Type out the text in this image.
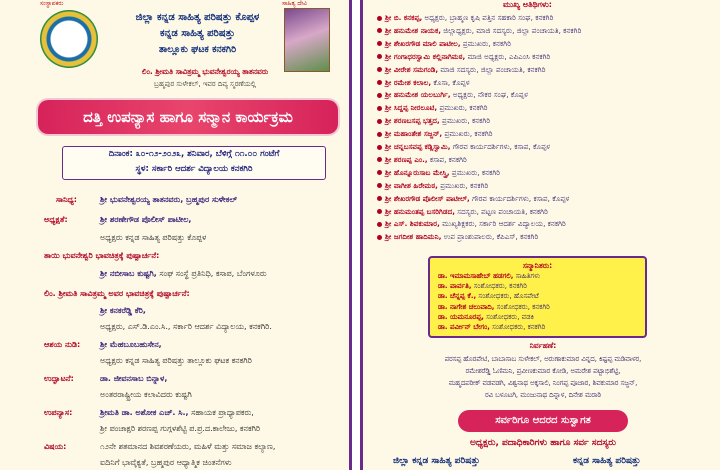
ಸಂಸ್ಥಾಪಕರು	ಸಾಹಿತ್ಯ ದೇವಿ
ಜಿಲ್ಲಾ ಕನ್ನಡ ಸಾಹಿತ್ಯ ಪರಿಷತ್ತು ಕೊಪ್ಪಳ
ಕನ್ನಡ ಸಾಹಿತ್ಯ ಪರಿಷತ್ತು
ತಾಲ್ಲೂಕು ಘಟಕ ಕನಕಗಿರಿ
ಲಿಂ. ಶ್ರೀಮತಿ ಸಾವಿತ್ರಮ್ಮ ಭುವನೇಶ್ವರಯ್ಯ ತಾತನವರು
ಬ್ರಹ್ಮಪುರ ಸುಳೇಕಲ್, ಇವರ ದಿವ್ಯ ಸ್ಮರಣೆಯಲ್ಲಿ
ದತ್ತಿ ಉಪನ್ಯಾಸ ಹಾಗೂ ಸನ್ಮಾನ ಕಾರ್ಯಕ್ರಮ
ದಿನಾಂಕ: ೩೦-೧೨-೨೦೨೩, ಶನಿವಾರ, ಬೆಳಿಗ್ಗೆ ೧೧.೦೦ ಗಂಟೆಗೆ
ಸ್ಥಳ: ಸರ್ಕಾರಿ ಆದರ್ಶ ವಿದ್ಯಾಲಯ ಕನಕಗಿರಿ
ಸಾನಿಧ್ಯ:	ಶ್ರೀ ಭುವನೇಶ್ವರಯ್ಯ ತಾತನವರು, ಬ್ರಹ್ಮಪುರ ಸುಳೇಕಲ್
ಅಧ್ಯಕ್ಷತೆ:	ಶ್ರೀ ಶರಣೇಗೌಡ ಪೊಲೀಸ್ ಪಾಟೀಲ,
ಅಧ್ಯಕ್ಷರು ಕನ್ನಡ ಸಾಹಿತ್ಯ ಪರಿಷತ್ತು ಕೊಪ್ಪಳ
ತಾಯಿ ಭುವನೇಶ್ವರಿ ಭಾವಚಿತ್ರಕ್ಕೆ ಪುಷ್ಪಾರ್ಚನೆ:
ಶ್ರೀ ನಬೀಸಾಬ ಕುಷ್ಟಗಿ, ಸಂಘ ಸಂಸ್ಥೆ ಪ್ರತಿನಿಧಿ, ಕಸಾಪ, ಬೆಂಗಳೂರು
ಲಿಂ. ಶ್ರೀಮತಿ ಸಾವಿತ್ರಮ್ಮ ಅವರ ಭಾವಚಿತ್ರಕ್ಕೆ ಪುಷ್ಪಾರ್ಚನೆ:
ಶ್ರೀ ಕನಕರೆಡ್ಡಿ ಕೆರಿ,
ಅಧ್ಯಕ್ಷರು, ಎಸ್.ಡಿ.ಎಂ.ಸಿ., ಸರ್ಕಾರಿ ಆದರ್ಶ ವಿದ್ಯಾಲಯ, ಕನಕಗಿರಿ.
ಆಶಯ ನುಡಿ: ಶ್ರೀ ಮೆಹಬೂಬಹುಸೇನ,
ಅಧ್ಯಕ್ಷರು ಕನ್ನಡ ಸಾಹಿತ್ಯ ಪರಿಷತ್ತು ತಾಲ್ಲೂಕು ಘಟಕ ಕನಕಗಿರಿ
ಉದ್ಘಾಟನೆ:	ಡಾ. ಜೀವನಸಾಬ ಬಿನ್ನಾಳ,
ಅಂತರರಾಷ್ಟ್ರೀಯ ಕಲಾವಿದರು ಕುಷ್ಟಗಿ
ಉಪನ್ಯಾಸ:	ಶ್ರೀಮತಿ ಡಾ. ಅಶೋಕ ಎಚ್. ಸಿ., ಸಹಾಯಕ ಪ್ರಾಧ್ಯಾಪಕರು,
ಶ್ರೀ ಪಂಚಾಕ್ಷರಿ ಶರಣಪ್ಪ ಗುಗ್ಗಳಶೆಟ್ಟಿ ಪ.ಪ್ರ.ದ.ಕಾಲೇಜು, ಕನಕಗಿರಿ
ವಿಷಯ:	೧೨ನೇ ಶತಮಾನದ ಶಿವಶರಣೆಯರು, ಮಹಿಳೆ ಮತ್ತು ಸಮಾಜ ಕಲ್ಯಾಣ,
ಐದಿನಿಗೆ ಭಾವೈಕ್ಯತೆ, ಬ್ರಹ್ಮಪುರ ಆಧ್ಯಾತ್ಮಿಕ ಚಿಂತನೆಗಳು
ಮುಖ್ಯ ಅತಿಥಿಗಳು:
ಶ್ರೀ ಬಿ. ಕನಕಪ್ಪ, ಅಧ್ಯಕ್ಷರು, ಬ್ರಾಹ್ಮಣ ಕೃಷಿ ಪತ್ತಿನ ಸಹಕಾರಿ ಸಂಘ, ಕನಕಗಿರಿ
ಶ್ರೀ ಹನುಮೇಶ ನಾಯಕ, ಜಿಲ್ಲಾಧ್ಯಕ್ಷರು, ಮಾಜಿ ಸದಸ್ಯರು, ಜಿಲ್ಲಾ ಪಂಚಾಯತಿ, ಕನಕಗಿರಿ
ಶ್ರೀ ಶೇಖರಗೌಡ ಮಾಲಿ ಪಾಟೀಲ, ಪ್ರಮುಖರು, ಕನಕಗಿರಿ
ಶ್ರೀ ಗಂಗಾಧರಸ್ವಾಮಿ ಕಲ್ಲಿನಾಗಿಮಠ, ಮಾಜಿ ಅಧ್ಯಕ್ಷರು, ಎಪಿಎಂಸಿ ಕನಕಗಿರಿ
ಶ್ರೀ ವೀರೇಶ ಸಮಗಂಡಿ, ಮಾಜಿ ಸದಸ್ಯರು, ಜಿಲ್ಲಾ ಪಂಚಾಯತಿ, ಕನಕಗಿರಿ
ಶ್ರೀ ರಮೇಶ ಕಲಾಲ, ಕೊಸಾ, ಕೊಪ್ಪಳ
ಶ್ರೀ ಹನುಮೇಶ ಯಲಬುರ್ಗಿ, ಅಧ್ಯಕ್ಷರು, ನೌಕರ ಸಂಘ, ಕೊಪ್ಪಳ
ಶ್ರೀ ಸಿದ್ದಪ್ಪ ನೀರಲೂಟಿ, ಪ್ರಮುಖರು, ಕನಕಗಿರಿ
ಶ್ರೀ ಶರಣಬಸಪ್ಪ ಭತ್ತದ, ಪ್ರಮುಖರು, ಕನಕಗಿರಿ
ಶ್ರೀ ಮಹಾಂತೇಶ ಸಜ್ಜನ್, ಪ್ರಮುಖರು, ಕನಕಗಿರಿ
ಶ್ರೀ ಚನ್ನಬಸವಪ್ಪ ಕಡ್ಲಿಸ್ವಾಮಿ, ಗೌರವ ಕಾರ್ಯದರ್ಶಿಗಳು, ಕಸಾಪ, ಕೊಪ್ಪಳ
ಶ್ರೀ ಶರಣಪ್ಪ ಎಂ., ಕಸಾಪ, ಕನಕಗಿರಿ
ಶ್ರೀ ಹೊನ್ನೂರುಸಾಬ ಮೇಸ್ತ್ರಿ, ಪ್ರಮುಖರು, ಕನಕಗಿರಿ
ಶ್ರೀ ವಾಗೀಶ ಹಿರೇಮಠ, ಪ್ರಮುಖರು, ಕನಕಗಿರಿ
ಶ್ರೀ ಶೇಖರಗೌಡ ಪೊಲೀಸ್ ಪಾಟೀಲ್, ಗೌರವ ಕಾರ್ಯದರ್ಶಿಗಳು, ಕಸಾಪ, ಕೊಪ್ಪಳ
ಶ್ರೀ ಹನುಮಂತಪ್ಪ ಬಸರಿಗಿಡದ, ಸದಸ್ಯರು, ಪಟ್ಟಣ ಪಂಚಾಯತಿ, ಕನಕಗಿರಿ
ಶ್ರೀ ಎಸ್. ಶಿವಕುಮಾರ, ಮುಖ್ಯಶಿಕ್ಷಕರು, ಸರ್ಕಾರಿ ಆದರ್ಶ ವಿದ್ಯಾಲಯ, ಕನಕಗಿರಿ
ಶ್ರೀ ಜಗದೀಶ ಹಾದಿಮನಿ, ಉಪ ಪ್ರಾಂಶುಪಾಲರು, ಕೆಪಿಎಸ್, ಕನಕಗಿರಿ
ಸನ್ಮಾನಿತರು:
ಡಾ. ಇಮಾಮಸಾಹೇಬ್ ಹಡಗಲಿ, ಸಾಹಿತಿಗಳು
ಡಾ. ಪಾರ್ವತಿ, ಸಂಶೋಧಕರು, ಕನಕಗಿರಿ
ಡಾ. ಚೆನ್ನಪ್ಪ ಕೆ., ಸಂಶೋಧಕರು, ಹೊಸಪೇಟೆ
ಡಾ. ನಾಗೇಶ ಚಲುವಾದಿ, ಸಂಶೋಧಕರು, ಕನಕಗಿರಿ
ಡಾ. ಯಮನೂರಪ್ಪ, ಸಂಶೋಧಕರು, ವಡಕಿ
ಡಾ. ಪರ್ವೀನ್ ಬೇಗಂ, ಸಂಶೋಧಕರು, ಕನಕಗಿರಿ
ನಿರ್ವಹಣೆ:
ಪರಸಪ್ಪ ಹೊರಪೇಟಿ, ಬಾಬಾಸಾಬ ಸುಳೇಕಲ್, ಅರುಣಾಕುಮಾರ ವಿನ್ನದ, ಕಿಷ್ಟಪ್ಪ ಮಡಿವಾಳರ,
ರಮೇಶರೆಡ್ಡಿ ಓಣಿಮನಿ, ಪ್ರವೀಣಕುಮಾರ ಕೋಡಿ, ಅಮರೇಶ ಪಟ್ಟಾಭಿಶೆಟ್ಟಿ,
ಮಹ್ಮದಪರೀಕ್ ವಡವಡಗಿ, ವಿಶ್ವನಾಥ ಅಕ್ಕಸಾಲಿ, ನಿಂಗಪ್ಪ ಪೂಜಾರ, ಶಿವಕುಮಾರ ಸಜ್ಜನ್,
ರವಿ ಬಳೂಟಗಿ, ಮಂಜುನಾಥ ದಿನ್ನಾಳ, ದಿನೇಶ ಮರಾಠಿ
ಸರ್ವರಿಗೂ ಆದರದ ಸುಸ್ವಾಗತ
ಅಧ್ಯಕ್ಷರು, ಪದಾಧಿಕಾರಿಗಳು ಹಾಗೂ ಸರ್ವ ಸದಸ್ಯರು
ಜಿಲ್ಲಾ ಕನ್ನಡ ಸಾಹಿತ್ಯ ಪರಿಷತ್ತು	ಕನ್ನಡ ಸಾಹಿತ್ಯ ಪರಿಷತ್ತು
